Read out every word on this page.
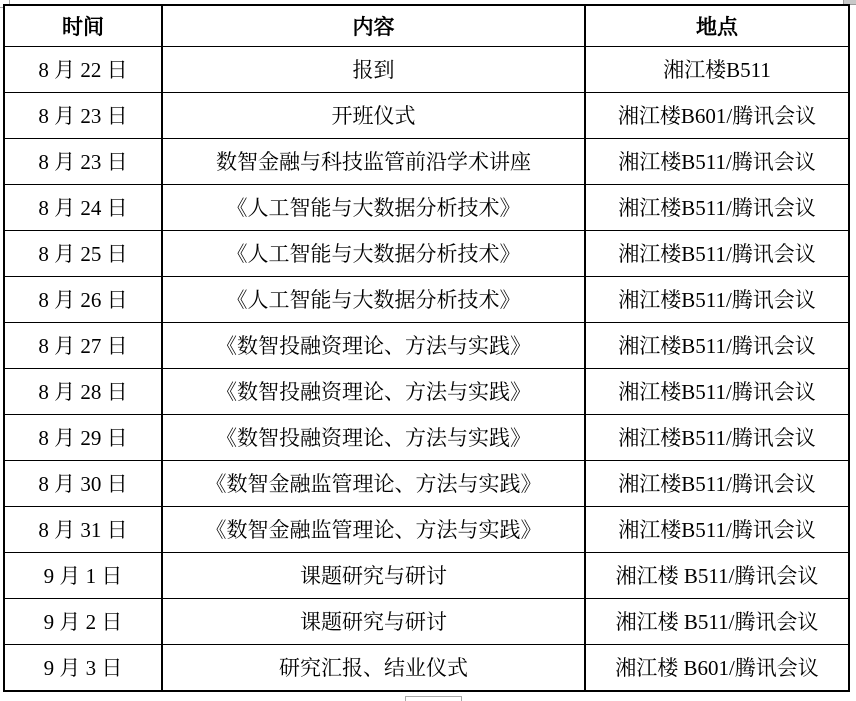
时间	内容	地点
8 月 22 日	报到	湘江楼B511
8 月 23 日	开班仪式	湘江楼B601/腾讯会议
8 月 23 日	数智金融与科技监管前沿学术讲座	湘江楼B511/腾讯会议
8 月 24 日	《人工智能与大数据分析技术》	湘江楼B511/腾讯会议
8 月 25 日	《人工智能与大数据分析技术》	湘江楼B511/腾讯会议
8 月 26 日	《人工智能与大数据分析技术》	湘江楼B511/腾讯会议
8 月 27 日	《数智投融资理论、方法与实践》	湘江楼B511/腾讯会议
8 月 28 日	《数智投融资理论、方法与实践》	湘江楼B511/腾讯会议
8 月 29 日	《数智投融资理论、方法与实践》	湘江楼B511/腾讯会议
8 月 30 日	《数智金融监管理论、方法与实践》	湘江楼B511/腾讯会议
8 月 31 日	《数智金融监管理论、方法与实践》	湘江楼B511/腾讯会议
9 月 1 日	课题研究与研讨	湘江楼 B511/腾讯会议
9 月 2 日	课题研究与研讨	湘江楼 B511/腾讯会议
9 月 3 日	研究汇报、结业仪式	湘江楼 B601/腾讯会议
